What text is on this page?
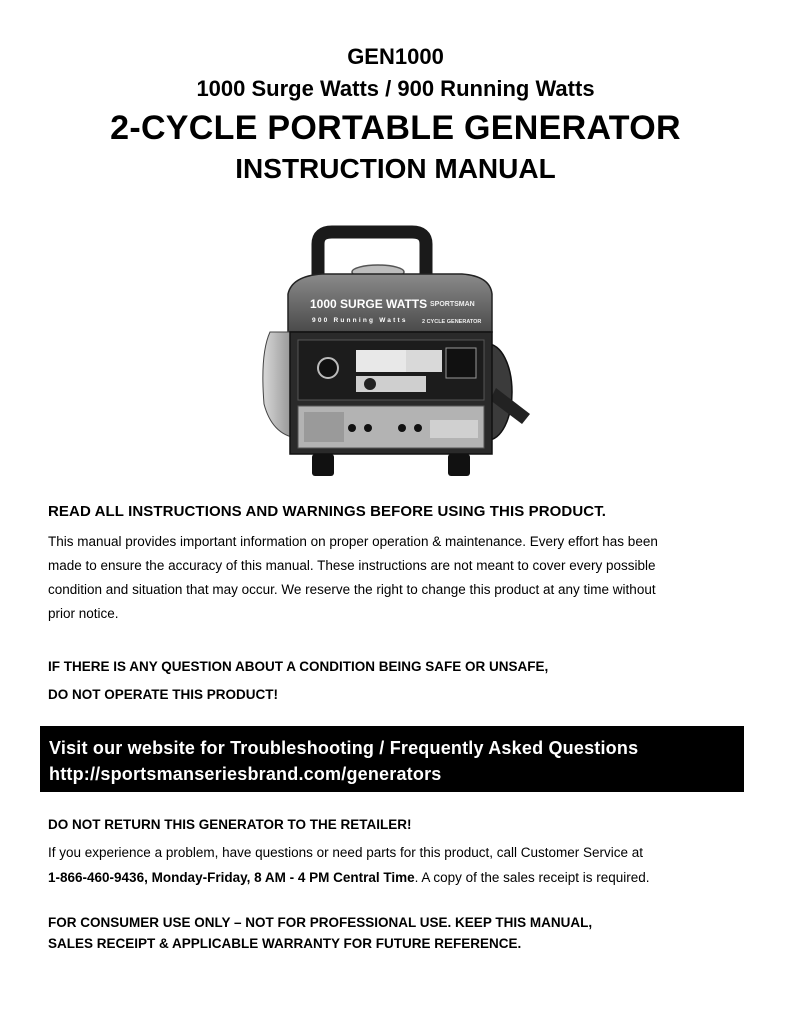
GEN1000
1000 Surge Watts / 900 Running Watts
2-CYCLE PORTABLE GENERATOR
INSTRUCTION MANUAL
1000 SURGE WATTS
900 Running Watts
SPORTSMAN
2 CYCLE GENERATOR
READ ALL INSTRUCTIONS AND WARNINGS BEFORE USING THIS PRODUCT.
This manual provides important information on proper operation & maintenance. Every effort has been
made to ensure the accuracy of this manual. These instructions are not meant to cover every possible
condition and situation that may occur. We reserve the right to change this product at any time without
prior notice.
IF THERE IS ANY QUESTION ABOUT A CONDITION BEING SAFE OR UNSAFE,
DO NOT OPERATE THIS PRODUCT!
Visit our website for Troubleshooting / Frequently Asked Questions
http://sportsmanseriesbrand.com/generators
DO NOT RETURN THIS GENERATOR TO THE RETAILER!
If you experience a problem, have questions or need parts for this product, call Customer Service at
1-866-460-9436, Monday-Friday, 8 AM - 4 PM Central Time. A copy of the sales receipt is required.
FOR CONSUMER USE ONLY – NOT FOR PROFESSIONAL USE. KEEP THIS MANUAL,
SALES RECEIPT & APPLICABLE WARRANTY FOR FUTURE REFERENCE.
